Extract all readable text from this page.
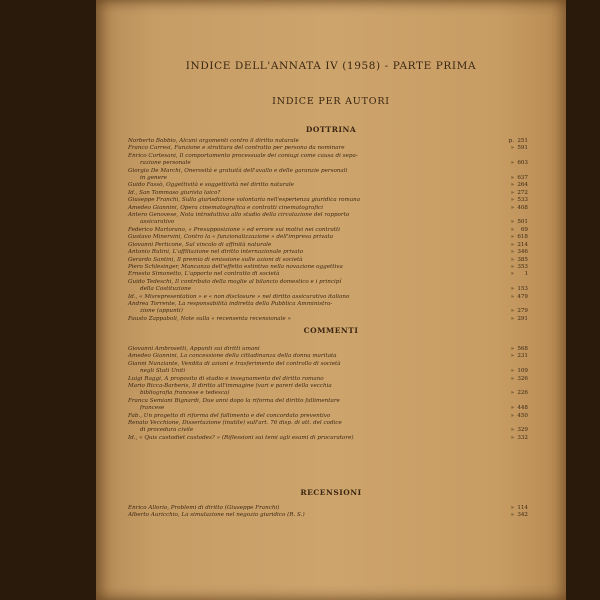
INDICE DELL'ANNATA IV (1958) - PARTE PRIMA
INDICE PER AUTORI
DOTTRINA
Norberto Bobbio, Alcuni argomenti contro il diritto naturale	p. 251
Franco Carresi, Funzione e struttura del contratto per persona da nominare	» 591
Enrico Cortesani, Il comportamento processuale dei coniugi come causa di sepa-
razione personale	» 603
Giorgio De Marchi, Onerosità e gratuità dell'avallo e delle garanzie personali
in genere	» 637
Guido Fassò, Oggettività e soggettività nel diritto naturale	» 264
Id., San Tommaso giurista laico?	» 272
Giuseppe Franchi, Sulla giurisdizione volontaria nell'esperienza giuridica romana	» 533
Amedeo Giannini, Opera cinematografica e contratti cinematografici	» 408
Antero Genovese, Nota introduttiva allo studio della circolazione del rapporto
assicurativo	» 501
Federico Martorano, « Presupposizione » ed errore sui motivi nei contratti	» 69
Gustavo Minervini, Contro la « funzionalizzazione » dell'impresa privata	» 618
Giovanni Perticone, Sul vincolo di affinità naturale	» 214
Antonio Rutini, L'affiliazione nel diritto internazionale privato	» 346
Gerardo Santini, Il premio di emissione sulle azioni di società	» 385
Piero Schlesinger, Mancanza dell'effetto estintivo nella novazione oggettiva	» 353
Ernesto Simonetto, L'apporto nel contratto di società	» 1
Guido Tedeschi, Il contributo della moglie al bilancio domestico e i principî
della Costituzione	» 153
Id., « Misrepresentation » e « non disclosure » nel diritto assicurativo italiano	» 479
Andrea Torrente, La responsabilità indiretta della Pubblica Amministra-
zione (appunti)	» 279
Fausto Zappaboli, Note sulla « recensenta recensionale »	» 291
COMMENTI
Giovanni Ambrosetti, Appunti sui diritti umani	» 568
Amedeo Giannini, La concessione della cittadinanza della donna maritata	» 231
Gianni Nunziante, Vendita di azioni e trasferimento del controllo di società
negli Stati Uniti	» 109
Luigi Raggi, A proposito di studio e insegnamento del diritto romano	» 326
Mario Ricca-Barberis, Il diritto all'immagine (vari e pareri della vecchia
bibliografia francese e tedesca)	» 226
Franca Semiani Bignardi, Due anni dopo la riforma del diritto fallimentare
francese	» 448
Fab., Un progetto di riforma del fallimento e del concordato preventivo	» 450
Renato Vecchione, Dissertazione (inutile) sull'art. 76 disp. di att. del codice
di procedura civile	» 329
Id., « Quis custodiet custodes? » (Riflessioni sui temi agli esami di procuratore)	» 332
RECENSIONI
Enrico Allorio, Problemi di diritto (Giuseppe Franchi)	» 114
Alberto Auricchio, La simulazione nel negozio giuridico (R. S.)	» 342
